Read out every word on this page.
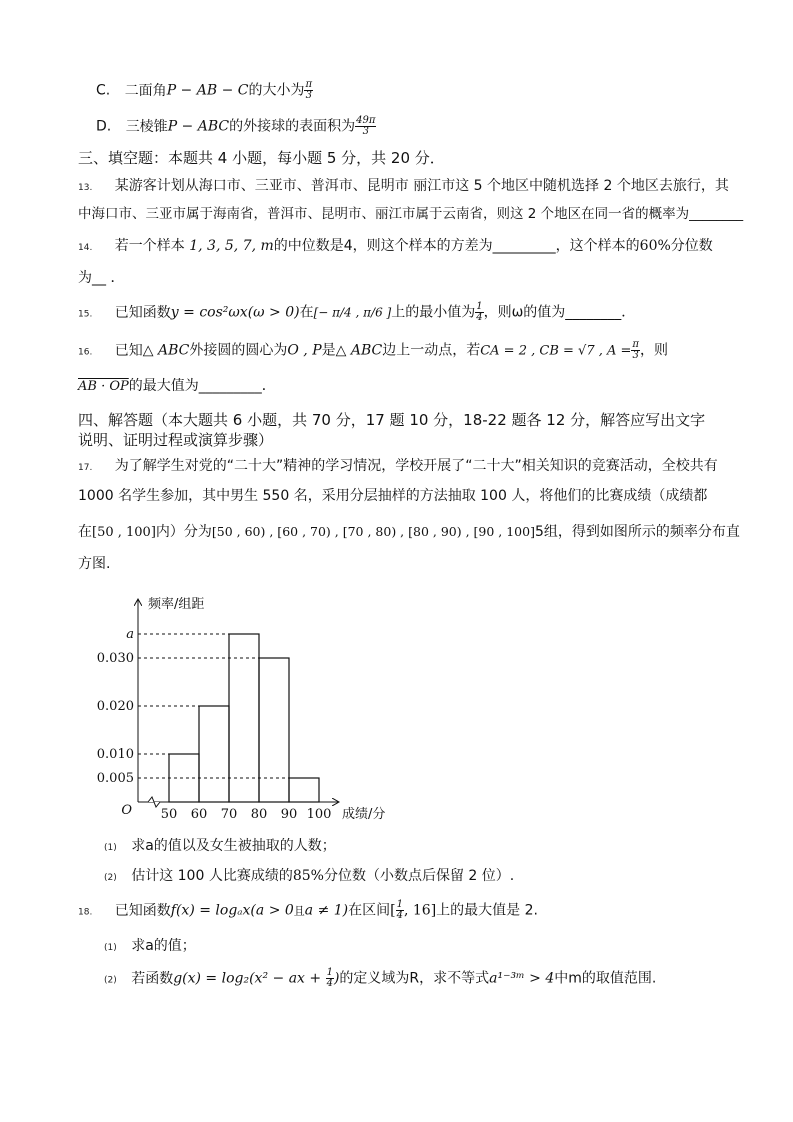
C. 二面角P − AB − C的大小为 $\frac{\pi}{3}$
D. 三棱锥P − ABC的外接球的表面积为 $\frac{49\pi}{3}$
三、填空题：本题共 4 小题，每小题 5 分，共 20 分．
13. 某游客计划从海口市、三亚市、普洱市、昆明市 丽江市这 5 个地区中随机选择 2 个地区去旅行，其
中海口市、三亚市属于海南省，普洱市、昆明市、丽江市属于云南省，则这 2 个地区在同一省的概率为________
14. 若一个样本 1, 3, 5, 7, m的中位数是4，则这个样本的方差为_________，这个样本的60%分位数
为__ ．
15. 已知函数y = cos²ωx(ω > 0)在[− π/4 , π/6 ]上的最小值为 $\frac{1}{4}$ ，则ω的值为________．
16. 已知△ ABC外接圆的圆心为O , P是△ ABC边上一动点，若CA = 2 , CB = √7 , $A = \frac{\pi}{3}$ ，则
AB · OP的最大值为_________．
四、解答题（本大题共 6 小题，共 70 分，17 题 10 分，18-22 题各 12 分，解答应写出文字
说明、证明过程或演算步骤）
17. 为了解学生对党的“二十大”精神的学习情况，学校开展了“二十大”相关知识的竞赛活动，全校共有
1000 名学生参加，其中男生 550 名，采用分层抽样的方法抽取 100 人，将他们的比赛成绩（成绩都
在[50 , 100]内）分为[50 , 60) , [60 , 70) , [70 , 80) , [80 , 90) , [90 , 100]5组，得到如图所示的频率分布直
方图.
0.005
0.010
0.020
0.030
a
50 60 70 80 90 100
O
频率/组距
成绩/分
(1) 求a的值以及女生被抽取的人数；
(2) 估计这 100 人比赛成绩的85%分位数（小数点后保留 2 位）.
18. 已知函数f(x) = logₐx(a > 0且a ≠ 1)在区间[ $\frac{1}{4}$ , 16]上的最大值是 2.
(1) 求a的值；
(2) 若函数g(x) = log₂(x² − ax + $\frac{1}{4}$ )的定义域为R，求不等式a¹⁻³ᵐ > 4中m的取值范围.
